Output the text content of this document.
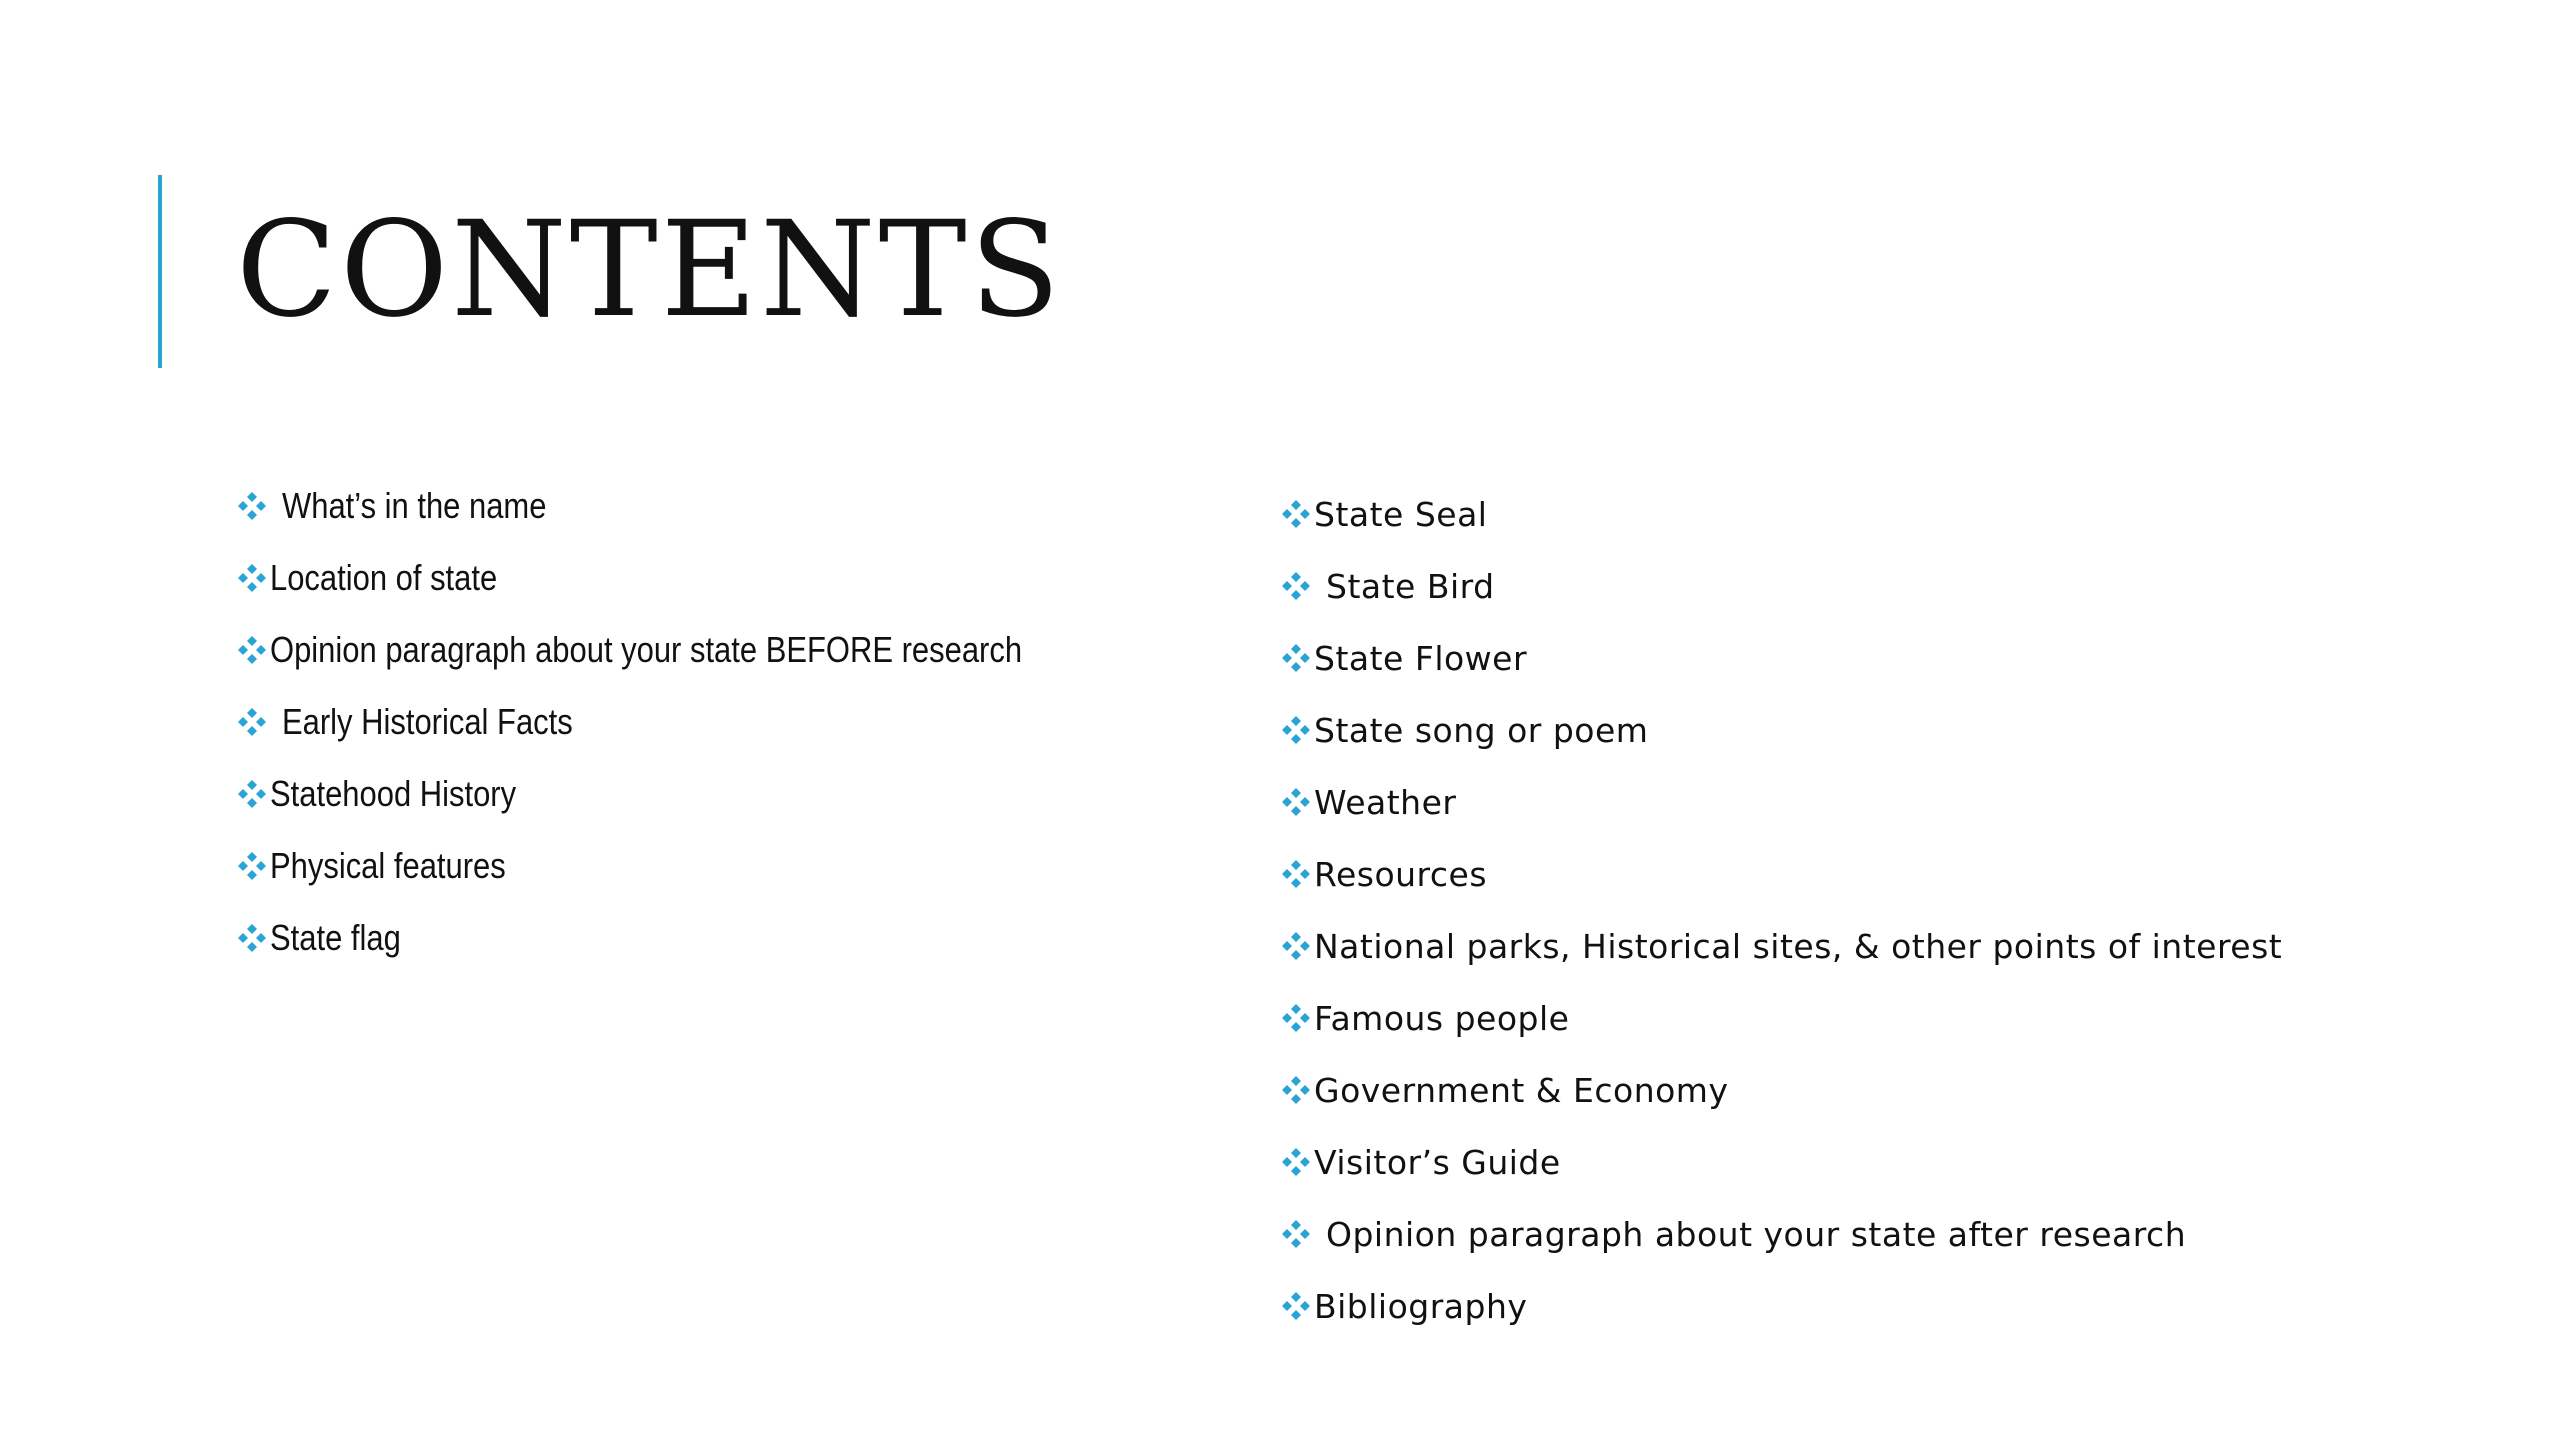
CONTENTS
What’s in the name
Location of state
Opinion paragraph about your state BEFORE research
Early Historical Facts
Statehood History
Physical features
State flag
State Seal
State Bird
State Flower
State song or poem
Weather
Resources
National parks, Historical sites, & other points of interest
Famous people
Government & Economy
Visitor’s Guide
Opinion paragraph about your state after research
Bibliography
